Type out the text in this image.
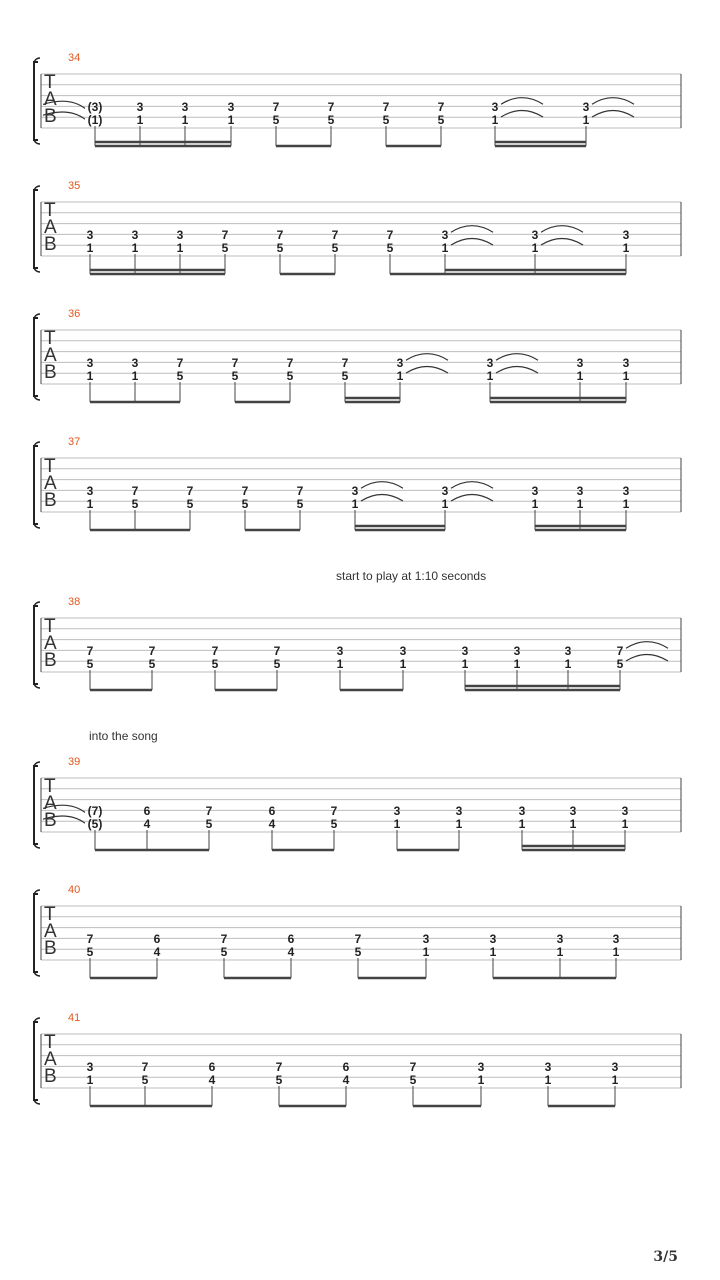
34
35
36
37
start to play at 1:10 seconds
38
into the song
39
40
41
T
A
B	(3)
(1)
3
1
3
1
3
1
7
5
7
5
7
5
7
5
3
1
3
1
T
A
B 3
1
3
1
3
1
7
5
7
5
7
5
7
5
3
1
3
1
3
1
T
A
B 3
1
3
1
7
5
7
5
7
5
7
5
3
1
3
1
3
1
3
1
T
A
B 3
1
7
5
7
5
7
5
7
5
3
1
3
1
3
1
3
1
3
1
T
A
B 7
5
7
5
7
5
7
5
3
1
3
1
3
1
3
1
3
1
7
5
T
A
B	(7)
(5)
6
4
7
5
6
4
7
5
3
1
3
1
3
1
3
1
3
1
T
A
B 7
5
6
4
7
5
6
4
7
5
3
1
3
1
3
1
3
1
T
A
B 3
1
7
5
6
4
7
5
6
4
7
5
3
1
3
1
3
1
3/5
